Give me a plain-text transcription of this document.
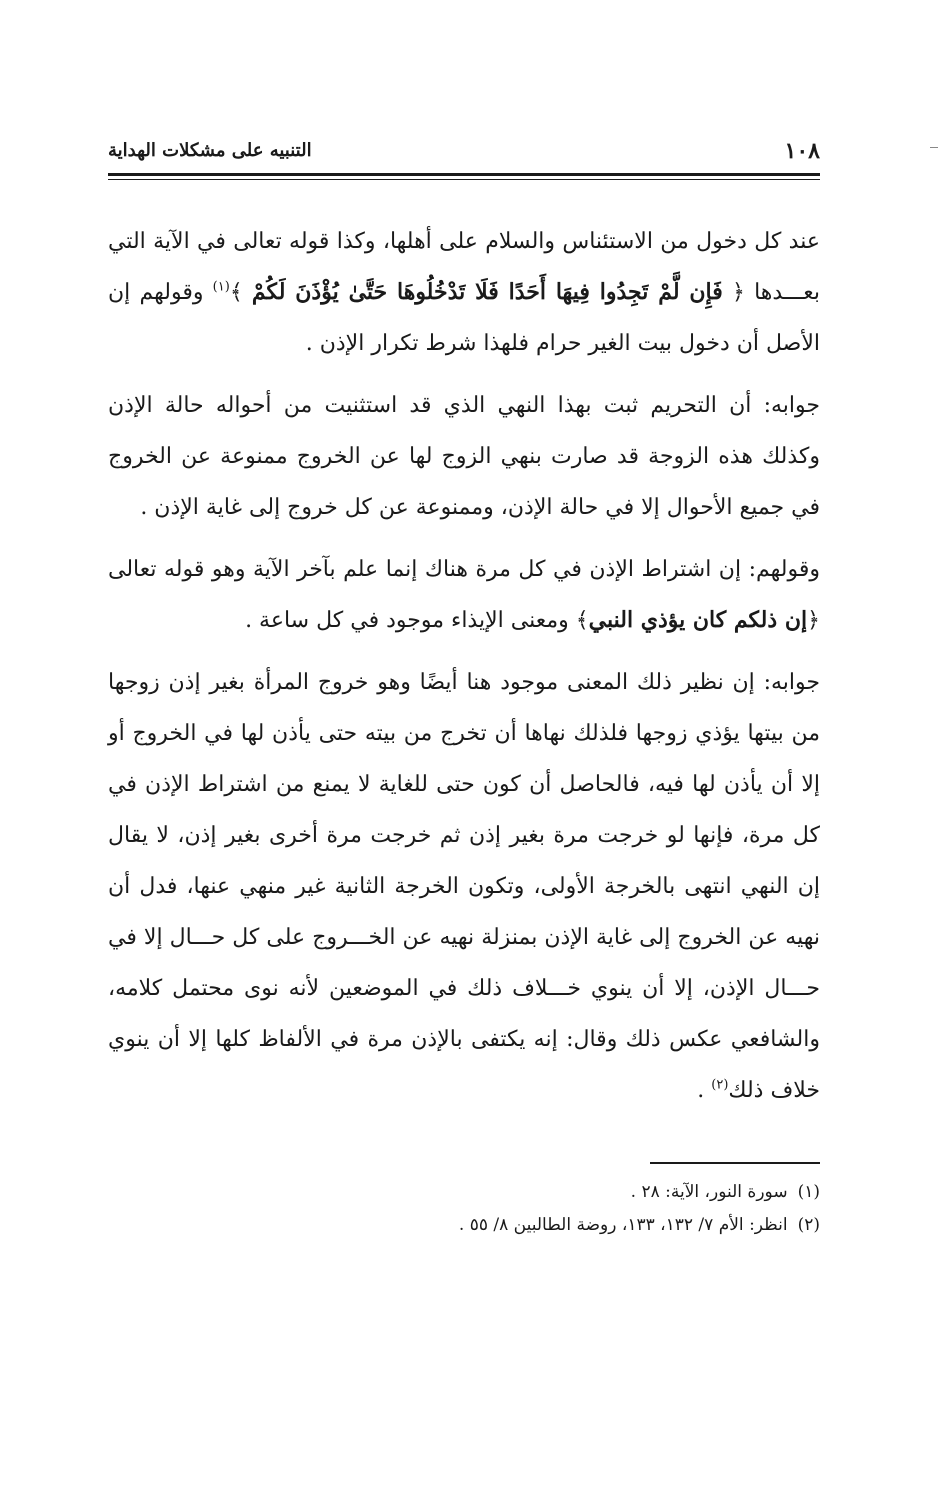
١٠٨
التنبيه على مشكلات الهداية

عند كل دخول من الاستئناس والسلام على أهلها، وكذا قوله تعالى في الآية التي بعـــدها ﴿ فَإِن لَّمْ تَجِدُوا فِيهَا أَحَدًا فَلَا تَدْخُلُوهَا حَتَّىٰ يُؤْذَنَ لَكُمْ ﴾$^{(١)}$ وقولهم إن الأصل أن دخول بيت الغير حرام فلهذا شرط تكرار الإذن .

جوابه: أن التحريم ثبت بهذا النهي الذي قد استثنيت من أحواله حالة الإذن وكذلك هذه الزوجة قد صارت بنهي الزوج لها عن الخروج ممنوعة عن الخروج في جميع الأحوال إلا في حالة الإذن، وممنوعة عن كل خروج إلى غاية الإذن .

وقولهم: إن اشتراط الإذن في كل مرة هناك إنما علم بآخر الآية وهو قوله تعالى ﴿إن ذلكم كان يؤذي النبي﴾ ومعنى الإيذاء موجود في كل ساعة .

جوابه: إن نظير ذلك المعنى موجود هنا أيضًا وهو خروج المرأة بغير إذن زوجها من بيتها يؤذي زوجها فلذلك نهاها أن تخرج من بيته حتى يأذن لها في الخروج أو إلا أن يأذن لها فيه، فالحاصل أن كون حتى للغاية لا يمنع من اشتراط الإذن في كل مرة، فإنها لو خرجت مرة بغير إذن ثم خرجت مرة أخرى بغير إذن، لا يقال إن النهي انتهى بالخرجة الأولى، وتكون الخرجة الثانية غير منهي عنها، فدل أن نهيه عن الخروج إلى غاية الإذن بمنزلة نهيه عن الخـــروج على كل حـــال إلا في حـــال الإذن، إلا أن ينوي خـــلاف ذلك في الموضعين لأنه نوى محتمل كلامه، والشافعي عكس ذلك وقال: إنه يكتفى بالإذن مرة في الألفاظ كلها إلا أن ينوي خلاف ذلك$^{(٢)}$ .

(١)سورة النور، الآية: ٢٨ .
(٢)انظر: الأم ٧/ ١٣٢، ١٣٣، روضة الطالبين ٨/ ٥٥ .
